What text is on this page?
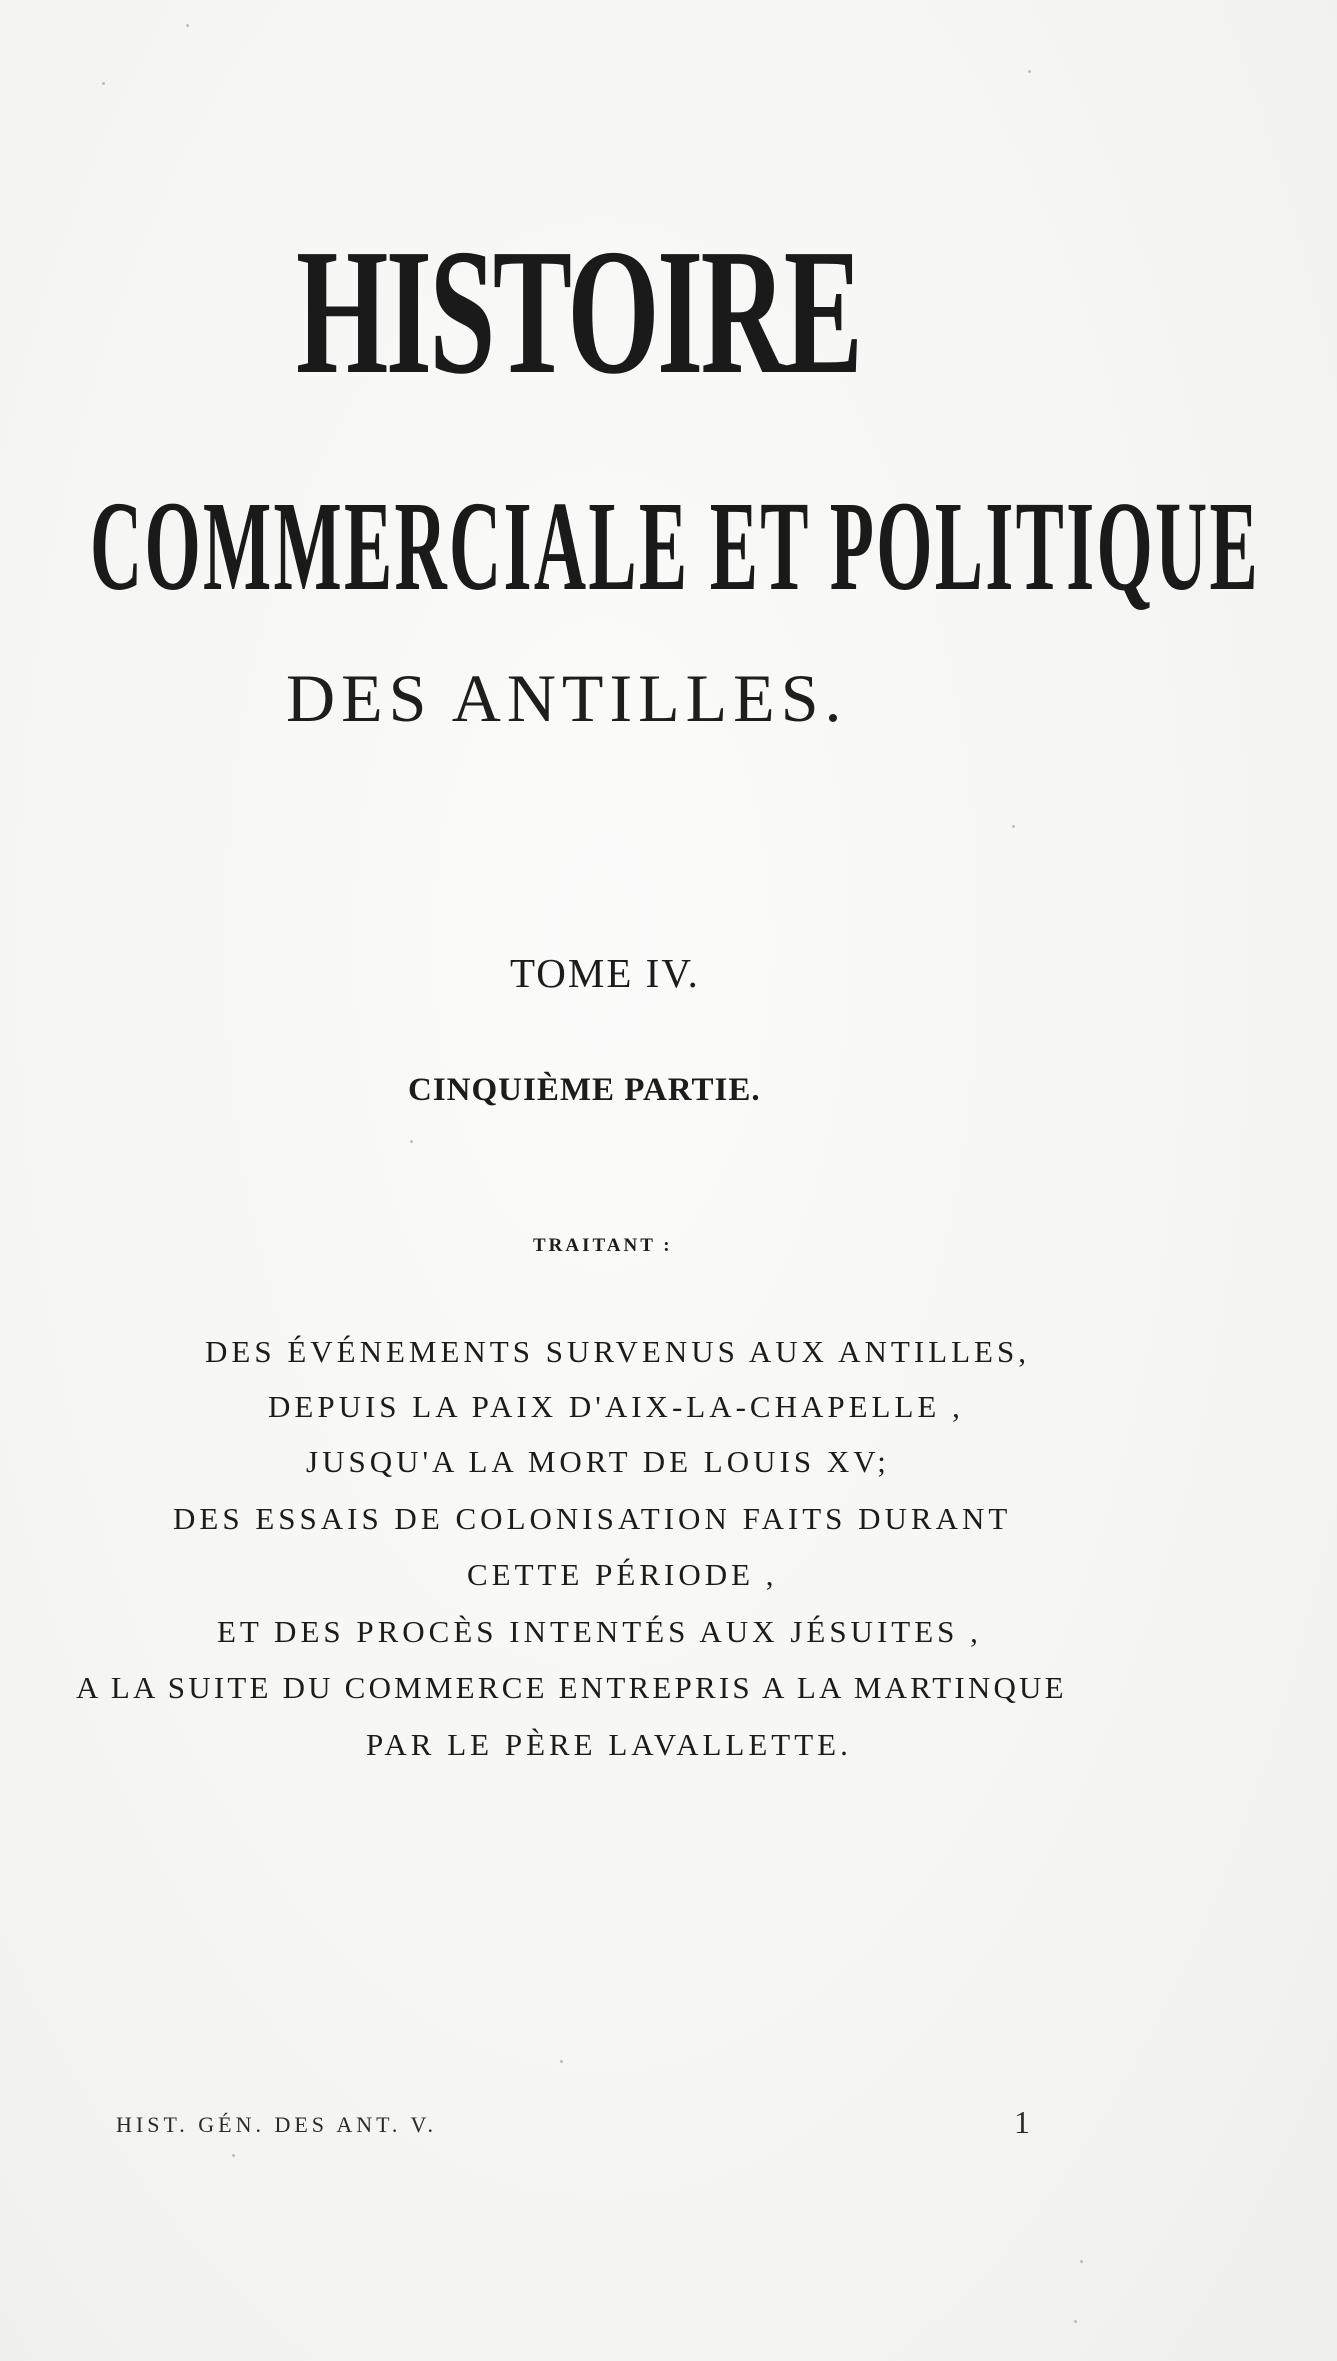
HISTOIRE

COMMERCIALE ET POLITIQUE

DES ANTILLES.

TOME IV.

CINQUIÈME PARTIE.

TRAITANT :

DES ÉVÉNEMENTS SURVENUS AUX ANTILLES,

DEPUIS LA PAIX D'AIX-LA-CHAPELLE ,

JUSQU'A LA MORT DE LOUIS XV;

DES ESSAIS DE COLONISATION FAITS DURANT

CETTE PÉRIODE ,

ET DES PROCÈS INTENTÉS AUX JÉSUITES ,

A LA SUITE DU COMMERCE ENTREPRIS A LA MARTINQUE

PAR LE PÈRE LAVALLETTE.

HIST. GÉN. DES ANT. V.	1
